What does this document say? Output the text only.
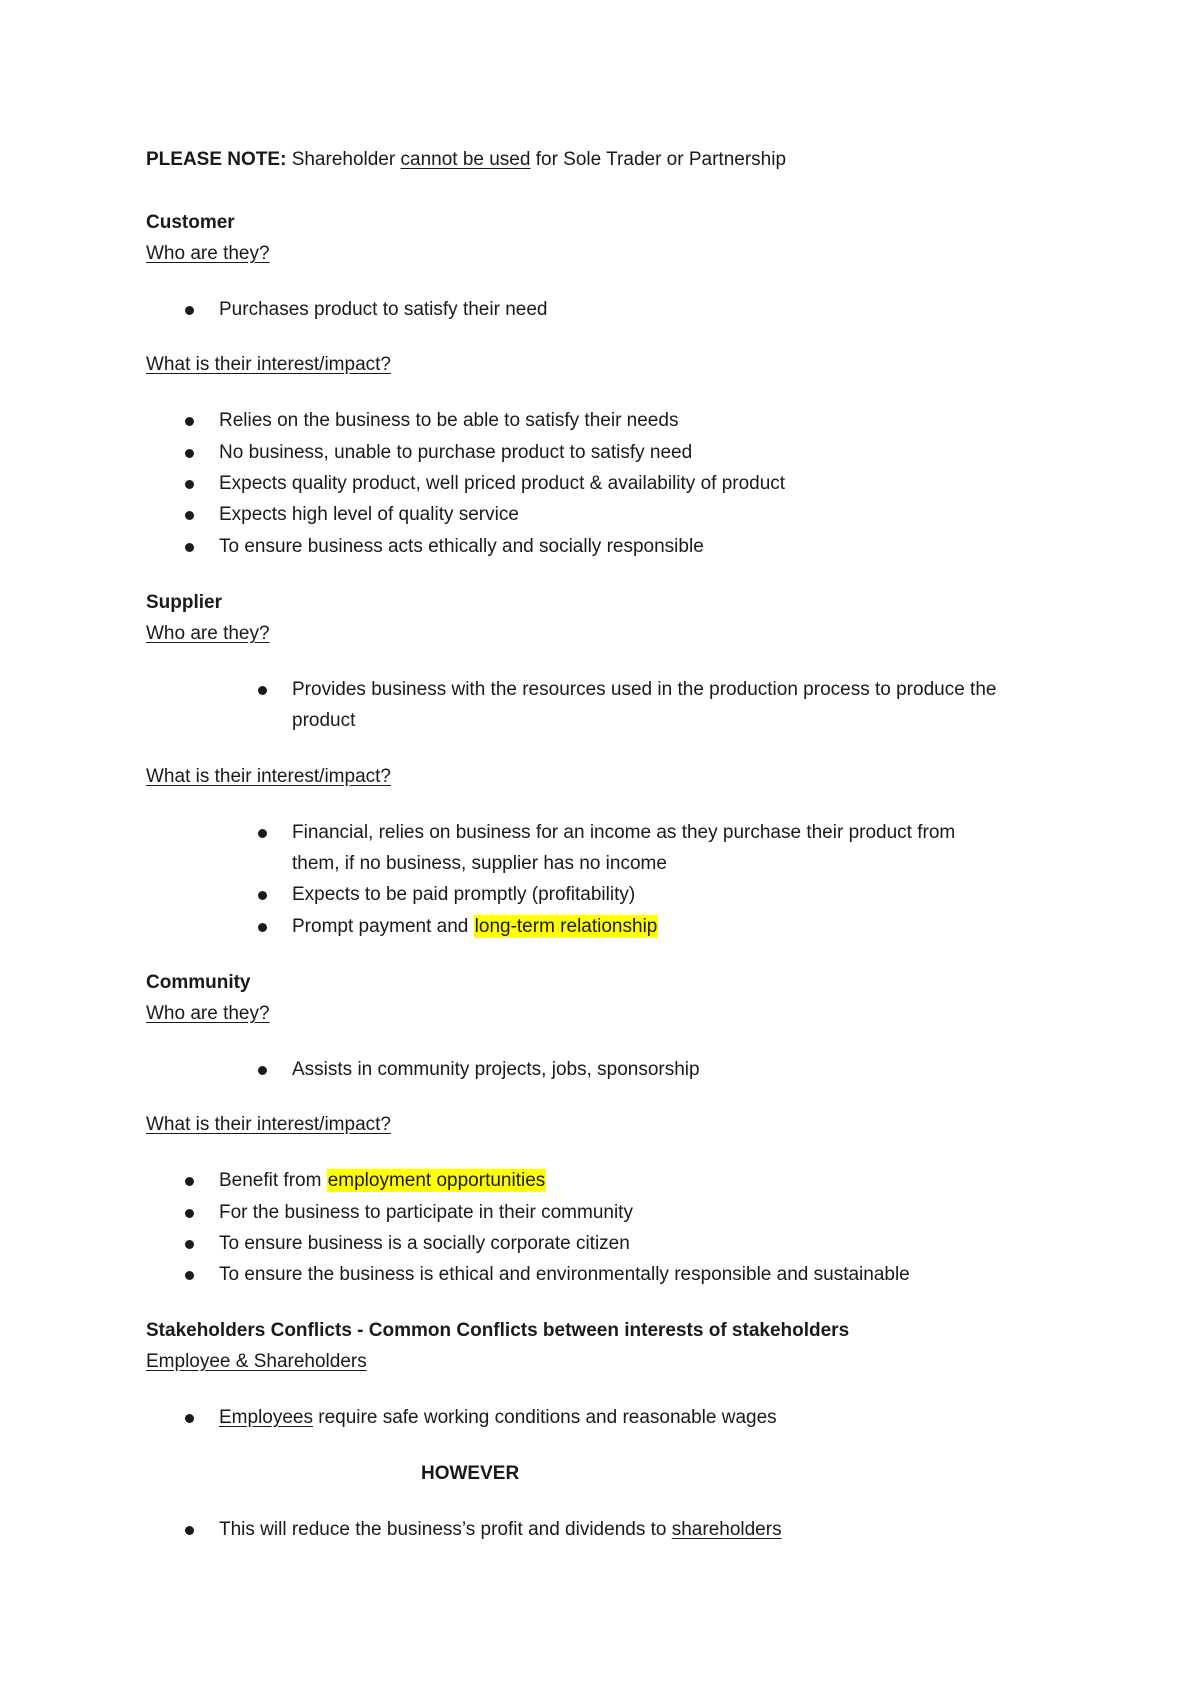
PLEASE NOTE: Shareholder cannot be used for Sole Trader or Partnership

Customer

Who are they?

Purchases product to satisfy their need

What is their interest/impact?

Relies on the business to be able to satisfy their needs

No business, unable to purchase product to satisfy need

Expects quality product, well priced product & availability of product

Expects high level of quality service

To ensure business acts ethically and socially responsible

Supplier

Who are they?

Provides business with the resources used in the production process to produce the

product

What is their interest/impact?

Financial, relies on business for an income as they purchase their product from

them, if no business, supplier has no income

Expects to be paid promptly (profitability)

Prompt payment and long-term relationship

Community

Who are they?

Assists in community projects, jobs, sponsorship

What is their interest/impact?

Benefit from employment opportunities

For the business to participate in their community

To ensure business is a socially corporate citizen

To ensure the business is ethical and environmentally responsible and sustainable

Stakeholders Conflicts - Common Conflicts between interests of stakeholders

Employee & Shareholders

Employees require safe working conditions and reasonable wages

HOWEVER

This will reduce the business’s profit and dividends to shareholders
